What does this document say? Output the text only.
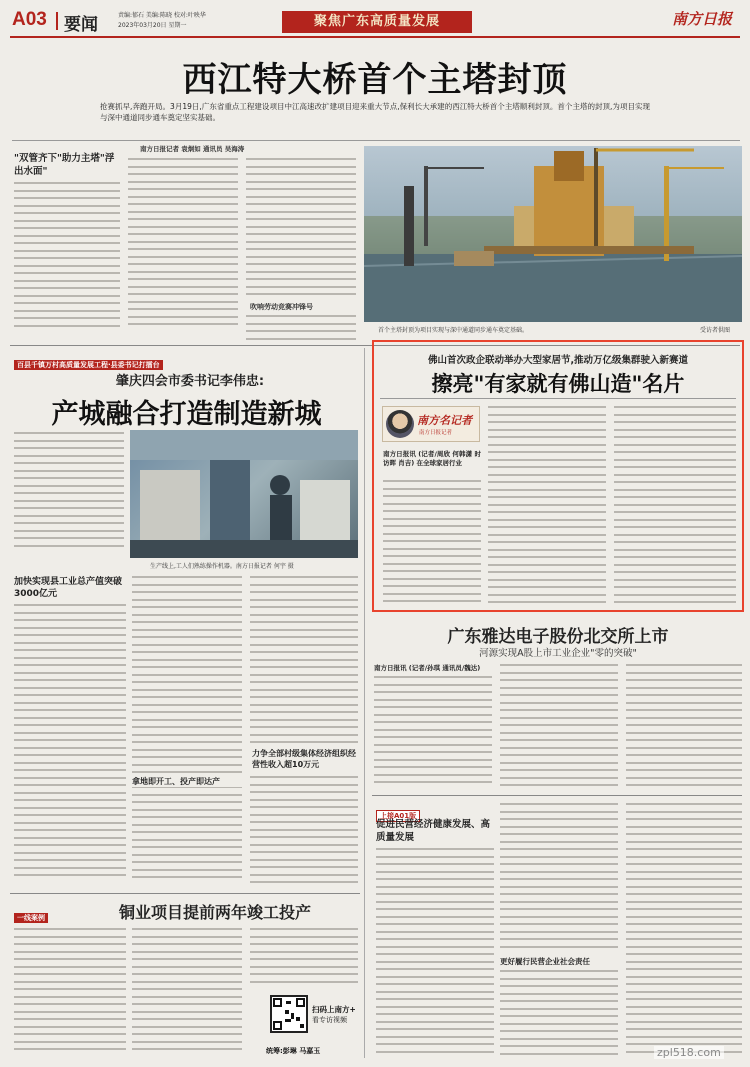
A03 要闻	责编:郁石 美编:陈晓 校对:叶映华
2023年03月20日 星期一	聚焦广东高质量发展	南方日报
西江特大桥首个主塔封顶
抢赛抓早,奔跑开局。3月19日,广东省重点工程建设项目中江高速改扩建项目迎来重大节点,保利长大承建的西江特大桥首个主塔顺利封顶。首个主塔的封顶,为项目实现与深中通道同步通车奠定坚实基础。
"双管齐下"助力主塔"浮出水面"
南方日报记者 袁炯如 通讯员 吴海涛
吹响劳动竞赛冲锋号
首个主塔封顶为项目实现与深中通道同步通车奠定基础。	受访者供图
百县千镇万村高质量发展工程·县委书记打擂台
肇庆四会市委书记李伟忠:
产城融合打造制造新城
生产线上,工人们熟练操作机器。南方日报记者 何宇 摄
加快实现县工业总产值突破3000亿元
拿地即开工、投产即达产
力争全部村级集体经济组织经营性收入超10万元
一线案例	铜业项目提前两年竣工投产
扫码上南方+
看专访视频
统筹:彭琳 马嘉玉
佛山首次政企联动举办大型家居节,推动万亿级集群驶入新赛道
擦亮"有家就有佛山造"名片
南方名记者
南方日报记者
南方日报讯 (记者/周欣 何韩潇 时访晖 肖吉) 在全球家居行业
广东雅达电子股份北交所上市
河源实现A股上市工业企业"零的突破"
南方日报讯 (记者/孙琪 通讯员/魏达)
上接A01版
促进民营经济健康发展、高质量发展
更好履行民营企业社会责任
zpl518.com
